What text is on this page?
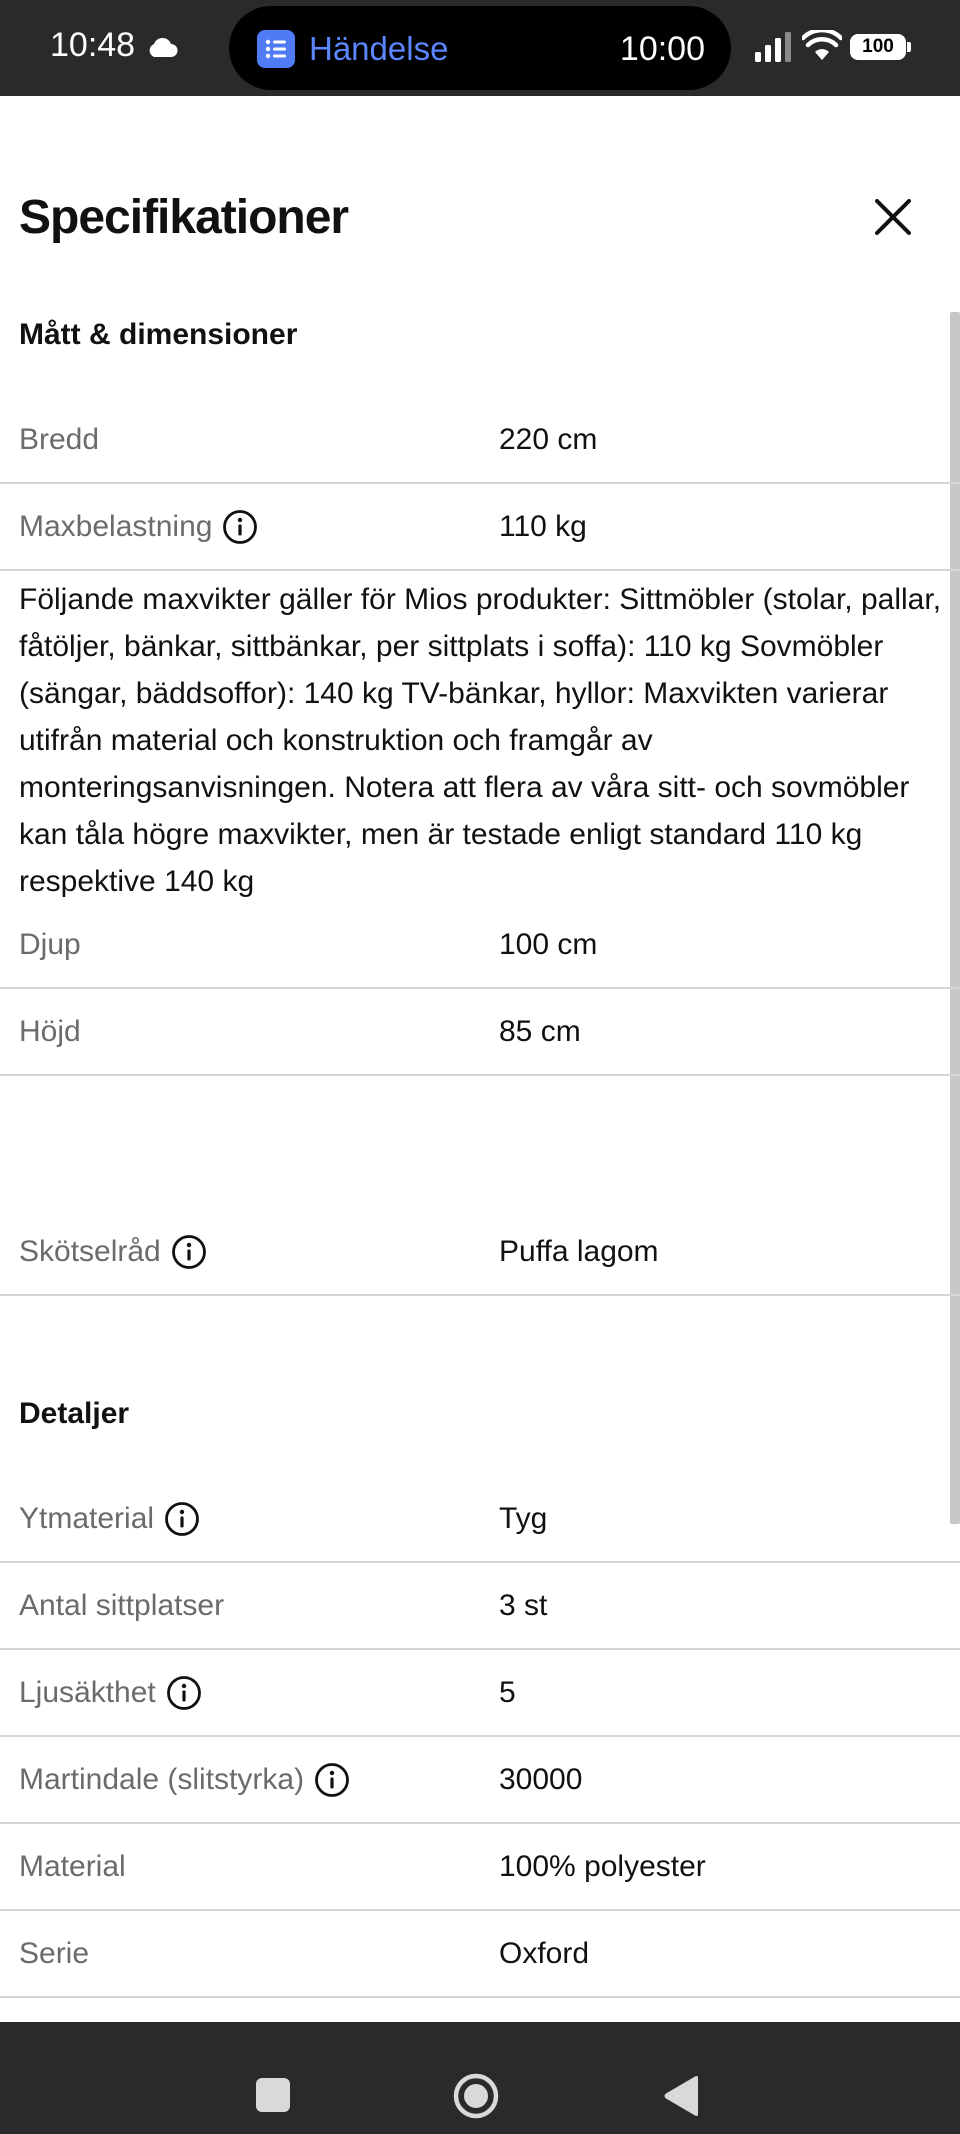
10:48	Händelse	10:00	100
Specifikationer
Mått & dimensioner
Bredd	220 cm
Maxbelastning	110 kg

Följande maxvikter gäller för Mios produkter: Sittmöbler (stolar, pallar, fåtöljer, bänkar, sittbänkar, per sittplats i soffa): 110 kg Sovmöbler (sängar, bäddsoffor): 140 kg TV-bänkar, hyllor: Maxvikten varierar utifrån material och konstruktion och framgår av monteringsanvisningen. Notera att flera av våra sitt- och sovmöbler kan tåla högre maxvikter, men är testade enligt standard 110 kg respektive 140 kg

Djup	100 cm
Höjd	85 cm
Skötselråd	Puffa lagom
Detaljer
Ytmaterial	Tyg
Antal sittplatser	3 st
Ljusäkthet	5
Martindale (slitstyrka)	30000
Material	100% polyester
Serie	Oxford
